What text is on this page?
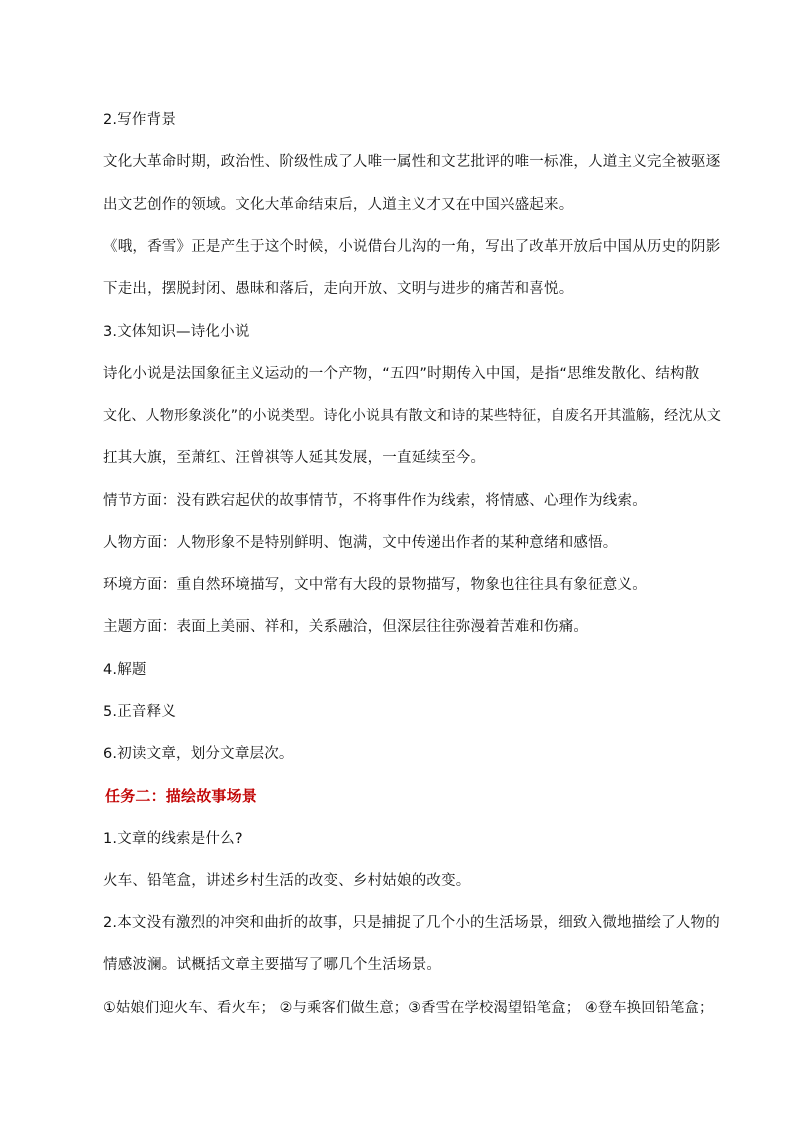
2.写作背景
文化大革命时期，政治性、阶级性成了人唯一属性和文艺批评的唯一标准，人道主义完全被驱逐
出文艺创作的领域。文化大革命结束后，人道主义才又在中国兴盛起来。
《哦，香雪》正是产生于这个时候，小说借台儿沟的一角，写出了改革开放后中国从历史的阴影
下走出，摆脱封闭、愚昧和落后，走向开放、文明与进步的痛苦和喜悦。
3.文体知识—诗化小说
诗化小说是法国象征主义运动的一个产物，“五四”时期传入中国，是指“思维发散化、结构散
文化、人物形象淡化”的小说类型。诗化小说具有散文和诗的某些特征，自废名开其滥觞，经沈从文
扛其大旗，至萧红、汪曾祺等人延其发展，一直延续至今。
情节方面：没有跌宕起伏的故事情节，不将事件作为线索，将情感、心理作为线索。
人物方面：人物形象不是特别鲜明、饱满，文中传递出作者的某种意绪和感悟。
环境方面：重自然环境描写，文中常有大段的景物描写，物象也往往具有象征意义。
主题方面：表面上美丽、祥和，关系融洽，但深层往往弥漫着苦难和伤痛。
4.解题
5.正音释义
6.初读文章，划分文章层次。
任务二：描绘故事场景
1.文章的线索是什么?
火车、铅笔盒，讲述乡村生活的改变、乡村姑娘的改变。
2.本文没有激烈的冲突和曲折的故事，只是捕捉了几个小的生活场景，细致入微地描绘了人物的
情感波澜。试概括文章主要描写了哪几个生活场景。
①姑娘们迎火车、看火车； ②与乘客们做生意；③香雪在学校渴望铅笔盒； ④登车换回铅笔盒；
